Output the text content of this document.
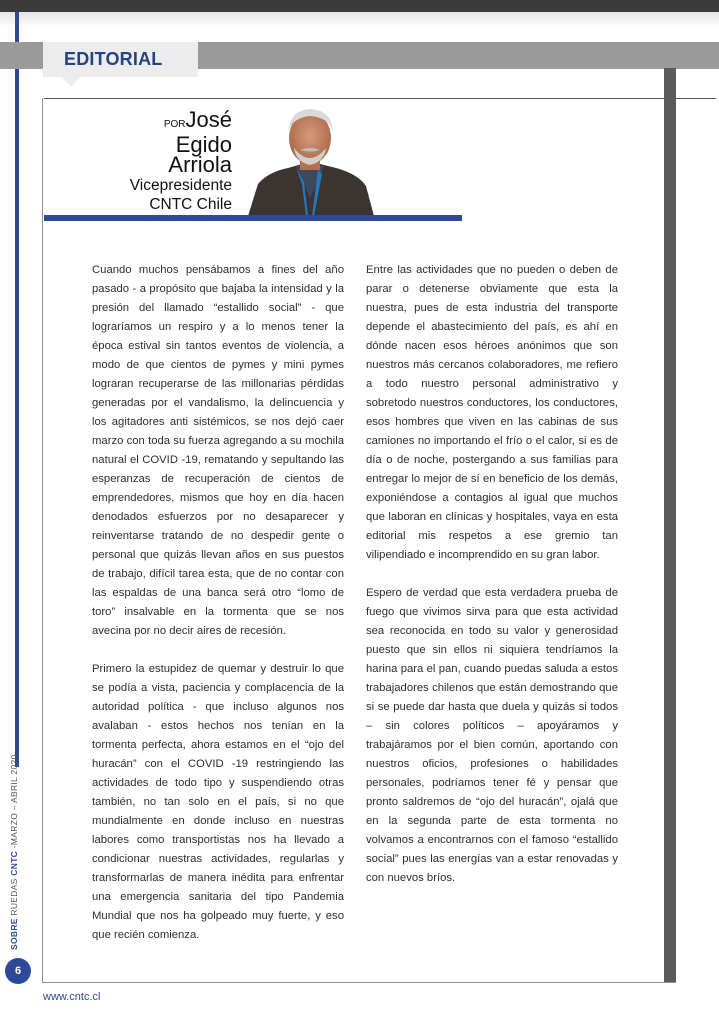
EDITORIAL
PORJosé
Egido
Arriola
Vicepresidente
CNTC Chile

Cuando muchos pensábamos a fines del año pasado - a propósito que bajaba la intensidad y la presión del llamado “estallido social” - que lograríamos un respiro y a lo menos tener la época estival sin tantos eventos de violencia, a modo de que cientos de pymes y mini pymes lograran recuperarse de las millonarias pérdidas generadas por el vandalismo, la delincuencia y los agitadores anti sistémicos, se nos dejó caer marzo con toda su fuerza agregando a su mochila natural el COVID -19, rematando y sepultando las esperanzas de recuperación de cientos de emprendedores, mismos que hoy en día hacen denodados esfuerzos por no desaparecer y reinventarse tratando de no despedir gente o personal que quizás llevan años en sus puestos de trabajo, difícil tarea esta, que de no contar con las espaldas de una banca será otro “lomo de toro” insalvable en la tormenta que se nos avecina por no decir aires de recesión.

Primero la estupidez de quemar y destruir lo que se podía a vista, paciencia y complacencia de la autoridad política - que incluso algunos nos avalaban - estos hechos nos tenían en la tormenta perfecta, ahora estamos en el “ojo del huracán” con el COVID -19 restringiendo las actividades de todo tipo y suspendiendo otras también, no tan solo en el país, si no que mundialmente en donde incluso en nuestras labores como transportistas nos ha llevado a condicionar nuestras actividades, regularlas y transformarlas de manera inédita para enfrentar una emergencia sanitaria del tipo Pandemia Mundial que nos ha golpeado muy fuerte, y eso que recién comienza.

Entre las actividades que no pueden o deben de parar o detenerse obviamente que esta la nuestra, pues de esta industria del transporte depende el abastecimiento del país, es ahí en dónde nacen esos héroes anónimos que son nuestros más cercanos colaboradores, me refiero a todo nuestro personal administrativo y sobretodo nuestros conductores, los conductores, esos hombres que viven en las cabinas de sus camiones no importando el frío o el calor, si es de día o de noche, postergando a sus familias para entregar lo mejor de sí en beneficio de los demás, exponiéndose a contagios al igual que muchos que laboran en clínicas y hospitales, vaya en esta editorial mis respetos a ese gremio tan vilipendiado e incomprendido en su gran labor.

Espero de verdad que esta verdadera prueba de fuego que vivimos sirva para que esta actividad sea reconocida en todo su valor y generosidad puesto que sin ellos ni siquiera tendríamos la harina para el pan, cuando puedas saluda a estos trabajadores chilenos que están demostrando que si se puede dar hasta que duela y quizás si todos – sin colores políticos – apoyáramos y trabajáramos por el bien común, aportando con nuestros oficios, profesiones o habilidades personales, podríamos tener fé y pensar que pronto saldremos de “ojo del huracán”, ojalá que en la segunda parte de esta tormenta no volvamos a encontrarnos con el famoso “estallido social” pues las energías van a estar renovadas y con nuevos bríos.

SOBRE RUEDAS CNTC -MARZO – ABRIL 2020
6
www.cntc.cl
